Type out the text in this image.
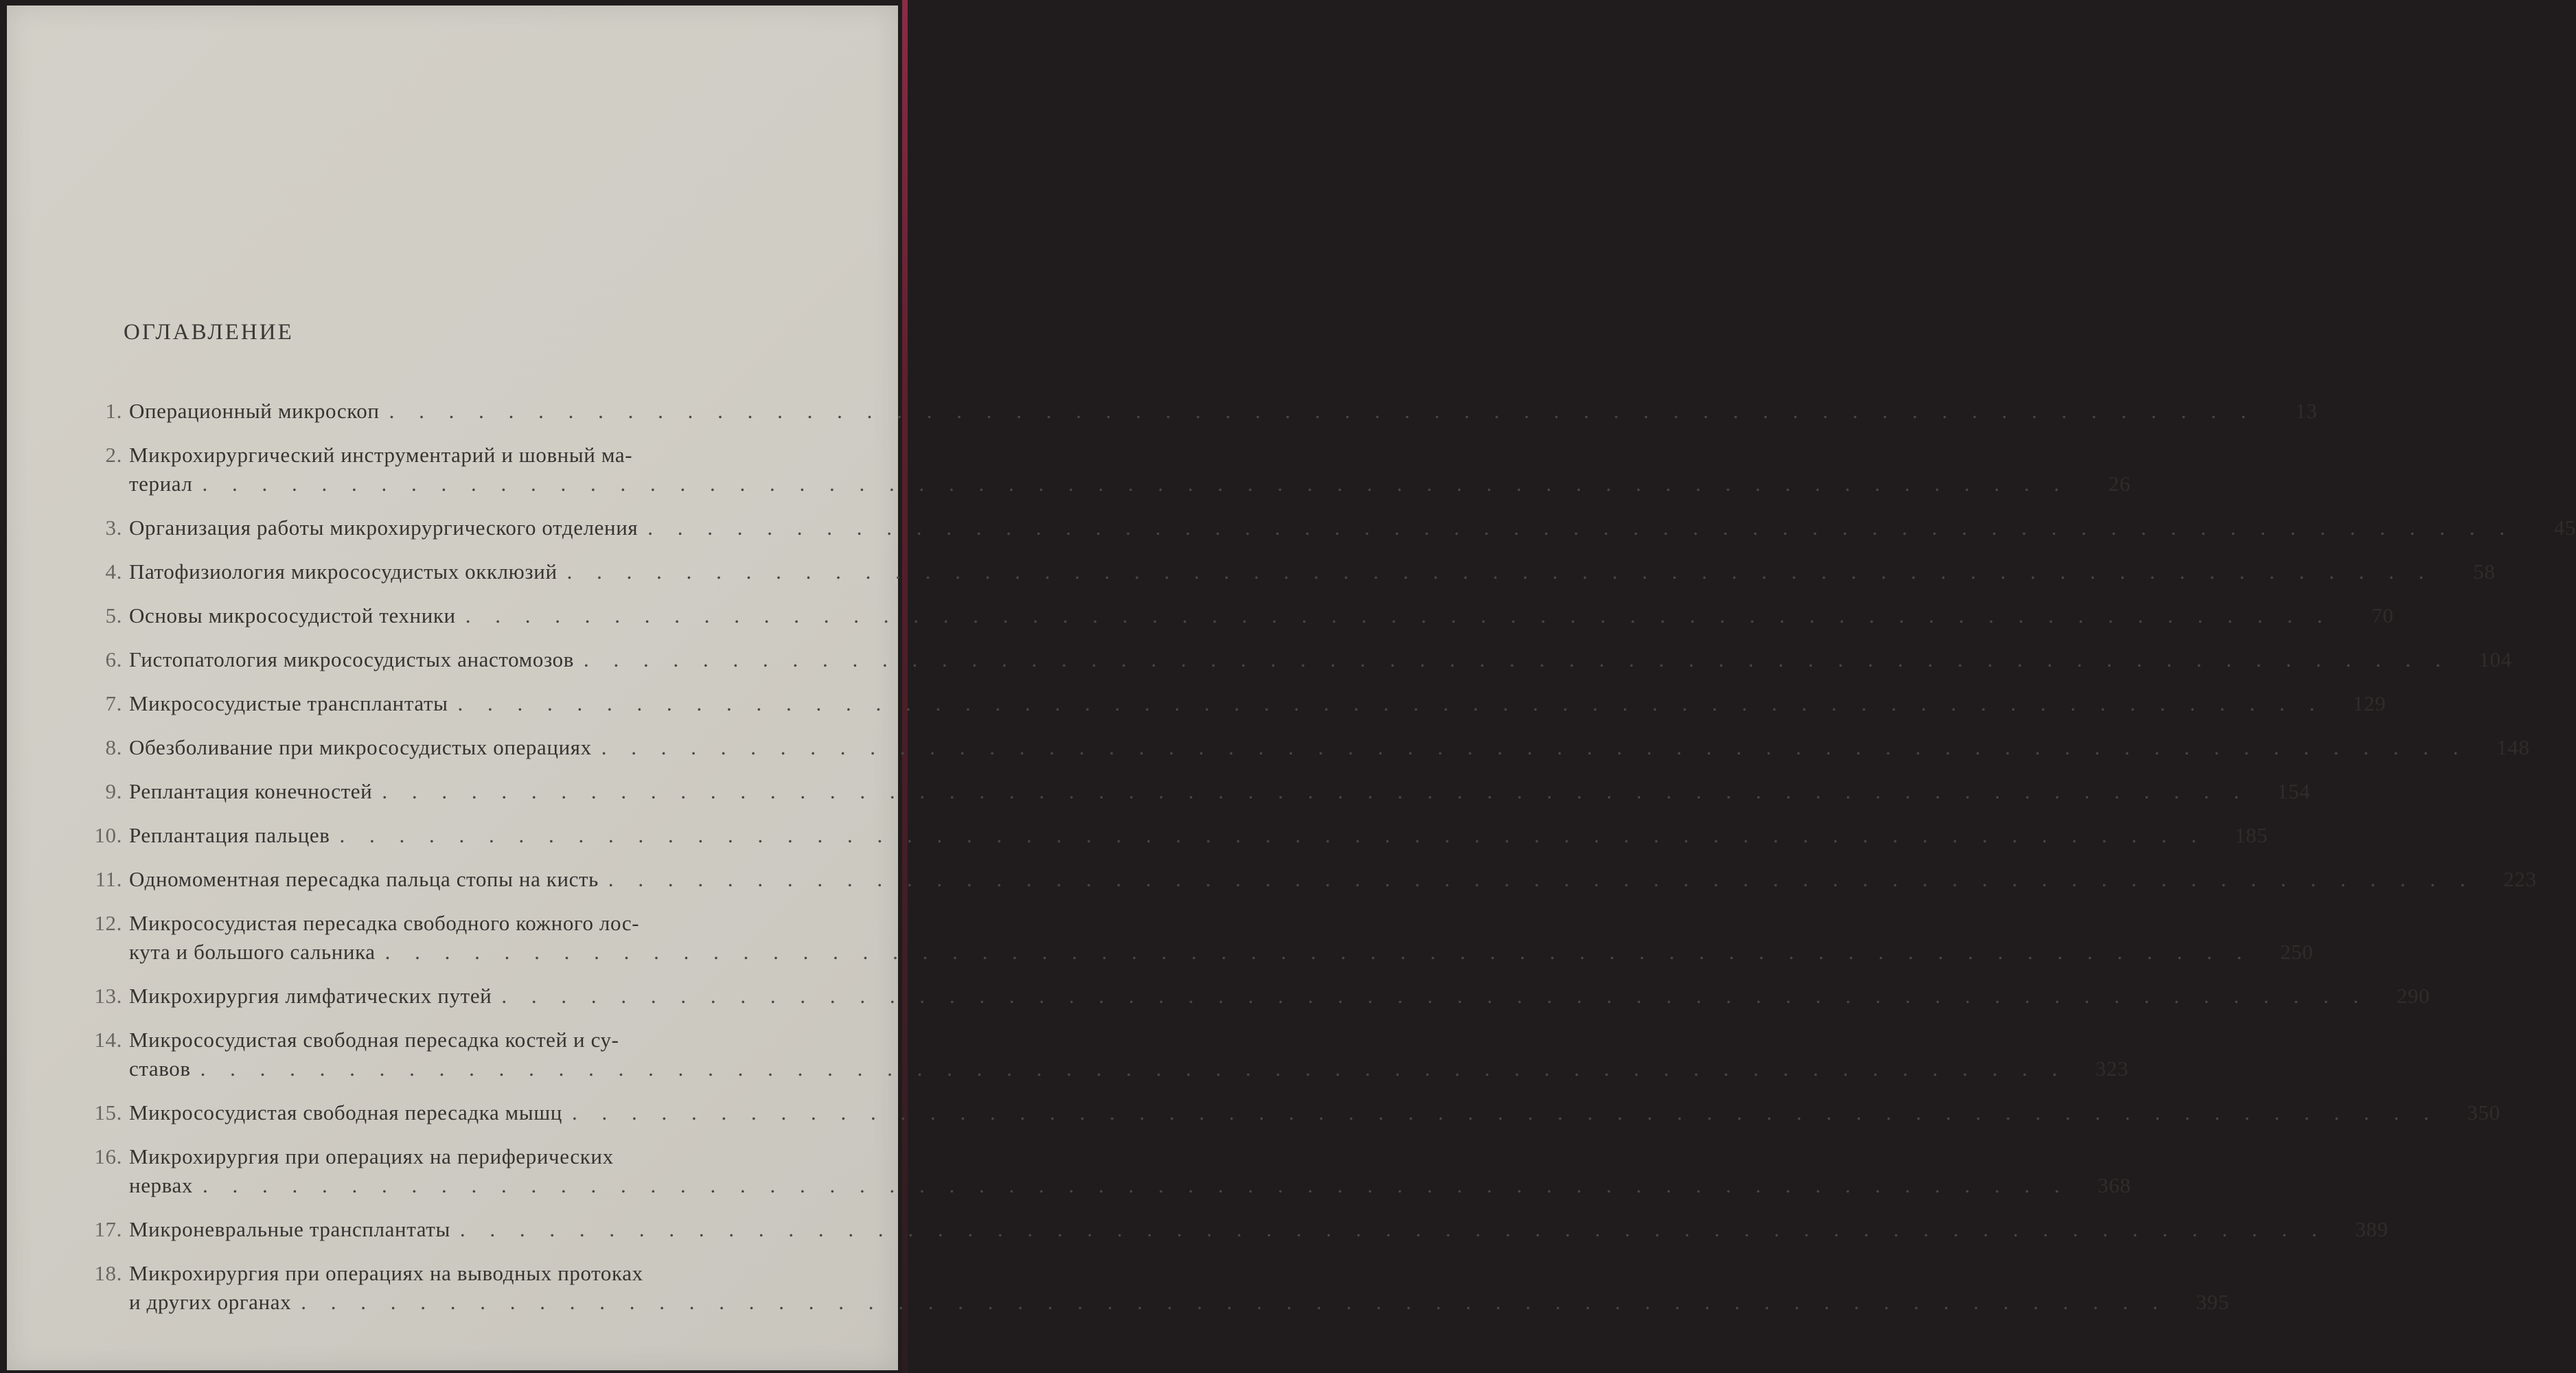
ОГЛАВЛЕНИЕ
1. Операционный микроскоп . . .	13
2. Микрохирургический инструментарий и шовный ма-
териал . . .	26
3. Организация работы микрохирургического отделения . . .	45
4. Патофизиология микрососудистых окклюзий . . .	58
5. Основы микрососудистой техники . . .	70
6. Гистопатология микрососудистых анастомозов . . .	104
7. Микрососудистые трансплантаты . . .	129
8. Обезболивание при микрососудистых операциях . . .	148
9. Реплантация конечностей . . .	154
10. Реплантация пальцев . . .	185
11. Одномоментная пересадка пальца стопы на кисть . . .	223
12. Микрососудистая пересадка свободного кожного лос-
кута и большого сальника . . .	250
13. Микрохирургия лимфатических путей . . .	290
14. Микрососудистая свободная пересадка костей и су-
ставов . . .	323
15. Микрососудистая свободная пересадка мышц . . .	350
16. Микрохирургия при операциях на периферических
нервах . . .	368
17. Микроневральные трансплантаты . . .	389
18. Микрохирургия при операциях на выводных протоках
и других органах . . .	395
